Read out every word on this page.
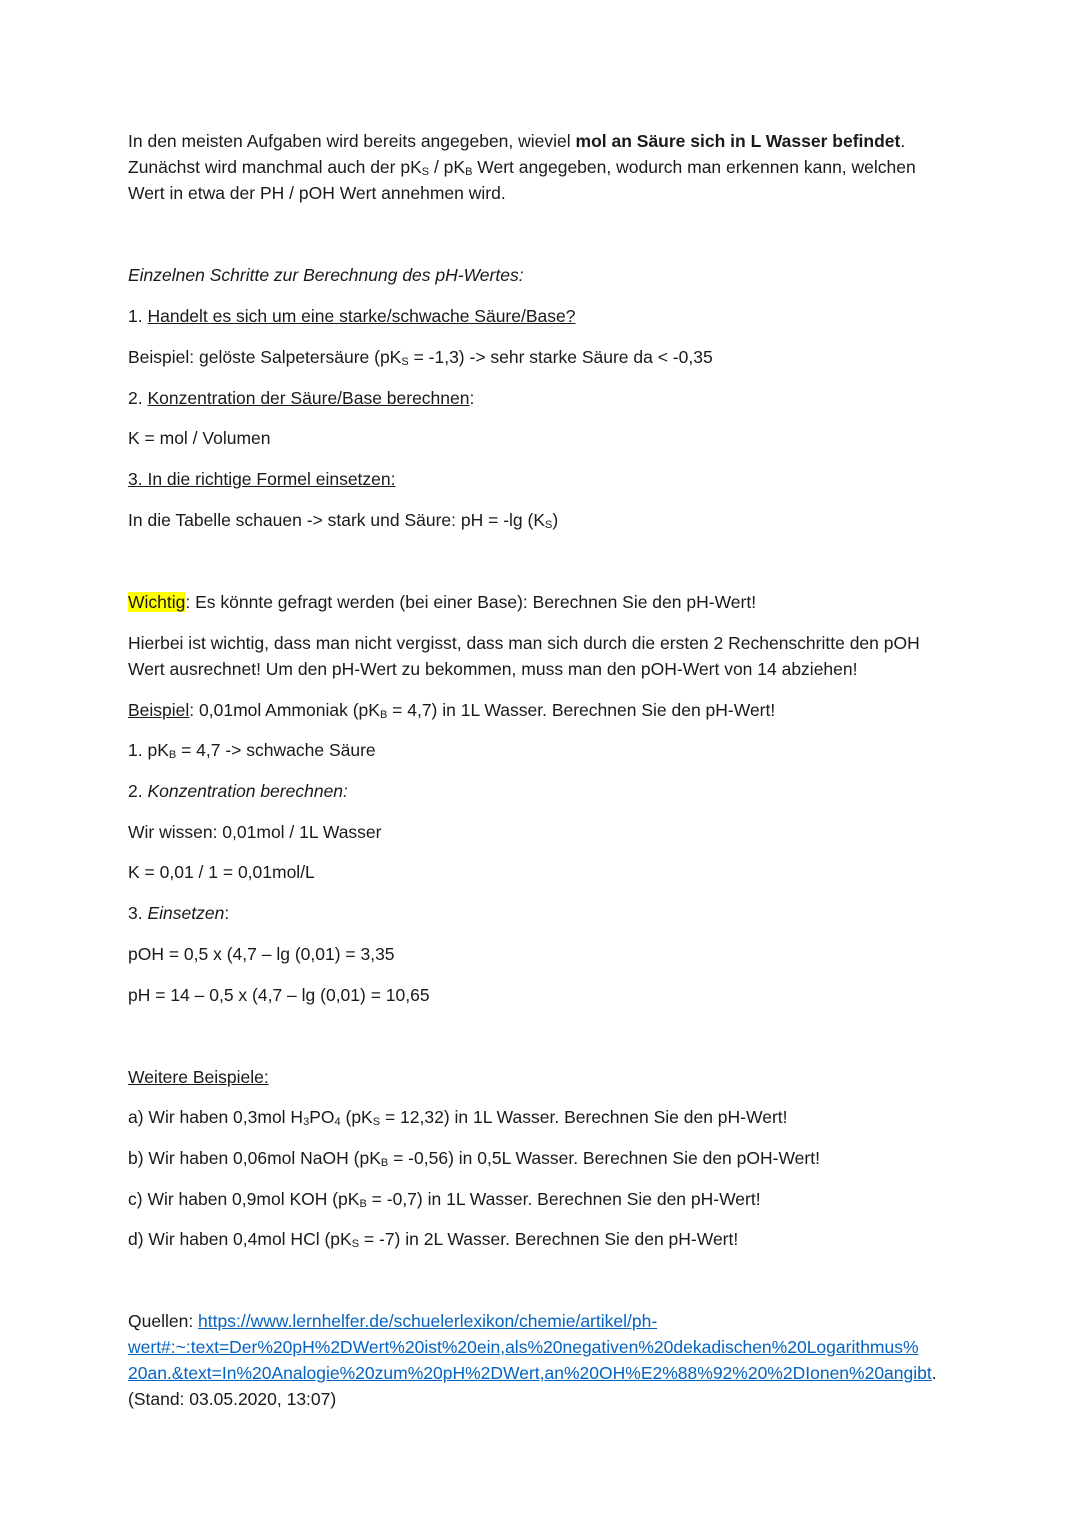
In den meisten Aufgaben wird bereits angegeben, wieviel mol an Säure sich in L Wasser befindet.
Zunächst wird manchmal auch der $pK_S / pK_B$ Wert angegeben, wodurch man erkennen kann, welchen
Wert in etwa der PH / pOH Wert annehmen wird.
Einzelnen Schritte zur Berechnung des pH-Wertes:
1. Handelt es sich um eine starke/schwache Säure/Base?
Beispiel: gelöste Salpetersäure $(pK_S = -1,3)$ -> sehr starke Säure da < -0,35
2. Konzentration der Säure/Base berechnen:
K = mol / Volumen
3. In die richtige Formel einsetzen:
In die Tabelle schauen -> stark und Säure: pH = -lg $(K_S)$
Wichtig: Es könnte gefragt werden (bei einer Base): Berechnen Sie den pH-Wert!
Hierbei ist wichtig, dass man nicht vergisst, dass man sich durch die ersten 2 Rechenschritte den pOH
Wert ausrechnet! Um den pH-Wert zu bekommen, muss man den pOH-Wert von 14 abziehen!
Beispiel: 0,01mol Ammoniak $(pK_B = 4,7)$ in 1L Wasser. Berechnen Sie den pH-Wert!
1. $pK_B = 4,7$ -> schwache Säure
2. Konzentration berechnen:
Wir wissen: 0,01mol / 1L Wasser
K = 0,01 / 1 = 0,01mol/L
3. Einsetzen:
pOH = 0,5 x (4,7 – lg (0,01) = 3,35
pH = 14 – 0,5 x (4,7 – lg (0,01) = 10,65
Weitere Beispiele:
a) Wir haben 0,3mol $H_3PO_4$ $(pK_S = 12,32)$ in 1L Wasser. Berechnen Sie den pH-Wert!
b) Wir haben 0,06mol NaOH $(pK_B = -0,56)$ in 0,5L Wasser. Berechnen Sie den pOH-Wert!
c) Wir haben 0,9mol KOH $(pK_B = -0,7)$ in 1L Wasser. Berechnen Sie den pH-Wert!
d) Wir haben 0,4mol HCl $(pK_S = -7)$ in 2L Wasser. Berechnen Sie den pH-Wert!
Quellen: https://www.lernhelfer.de/schuelerlexikon/chemie/artikel/ph-
wert#:~:text=Der%20pH%2DWert%20ist%20ein,als%20negativen%20dekadischen%20Logarithmus%
20an.&text=In%20Analogie%20zum%20pH%2DWert,an%20OH%E2%88%92%20%2DIonen%20angibt.
(Stand: 03.05.2020, 13:07)
